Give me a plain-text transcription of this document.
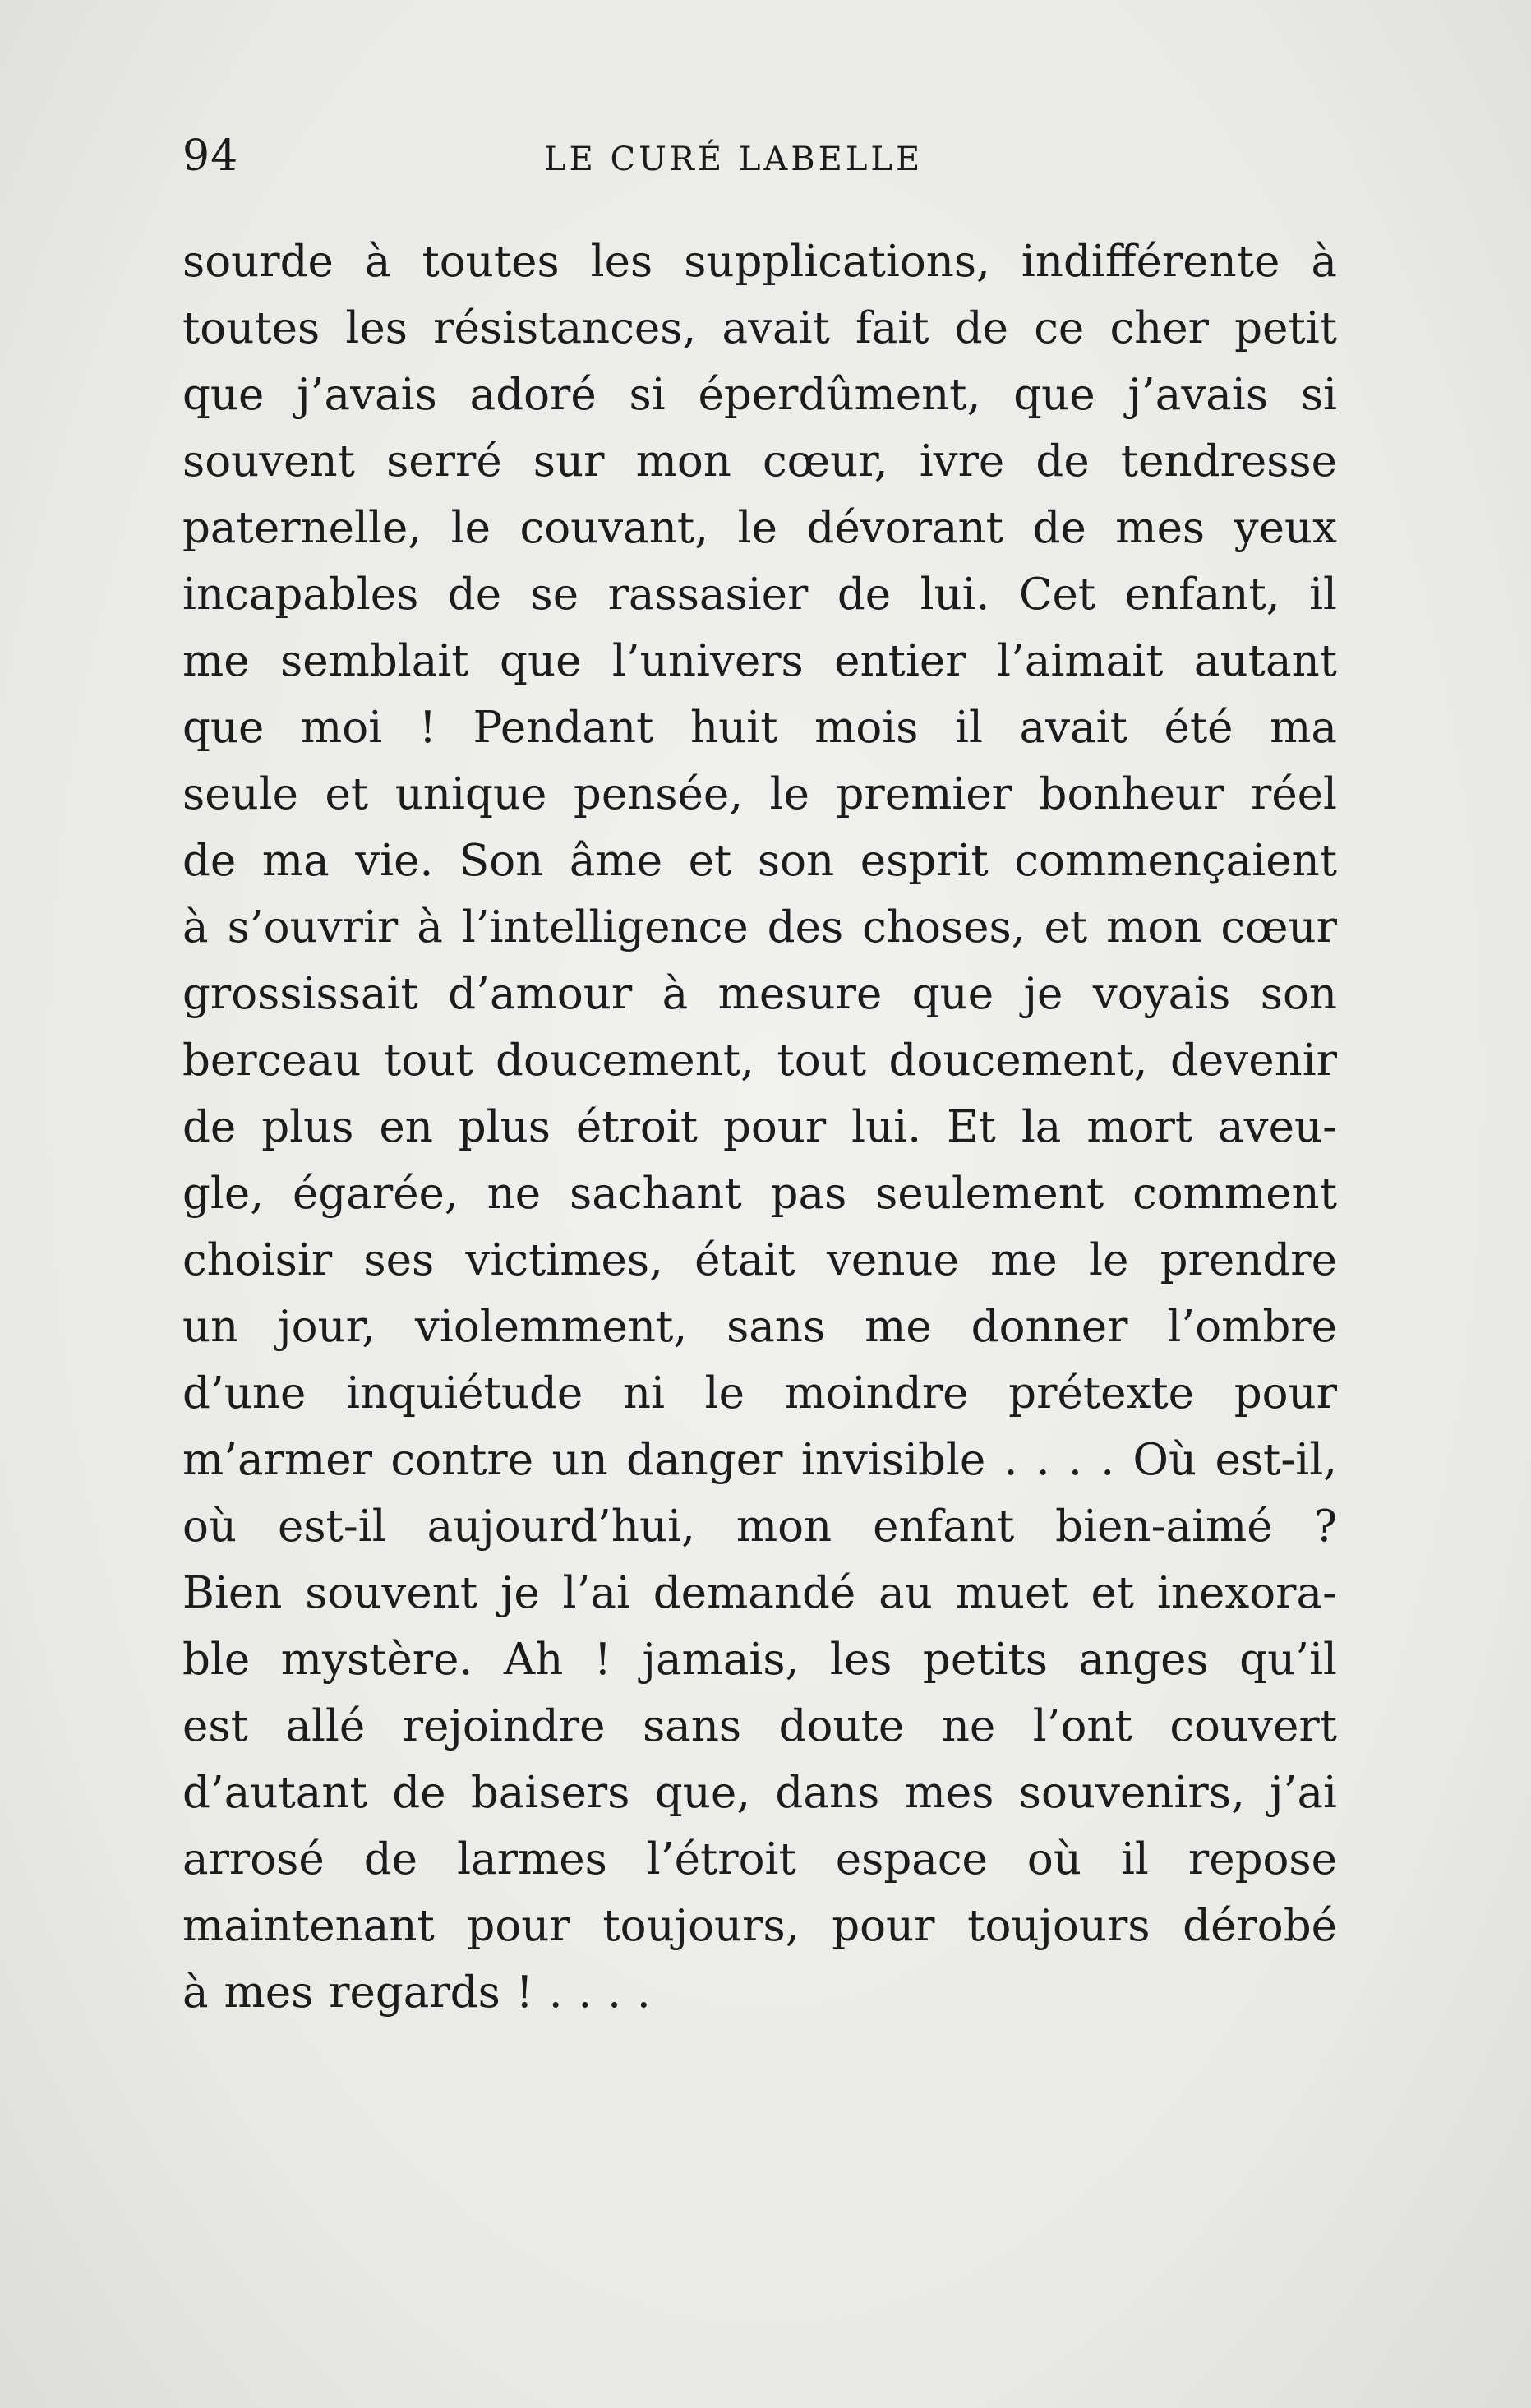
94	LE CURÉ LABELLE
sourde à toutes les supplications, indifférente à
toutes les résistances, avait fait de ce cher petit
que j’avais adoré si éperdûment, que j’avais si
souvent serré sur mon cœur, ivre de tendresse
paternelle, le couvant, le dévorant de mes yeux
incapables de se rassasier de lui. Cet enfant, il
me semblait que l’univers entier l’aimait autant
que moi ! Pendant huit mois il avait été ma
seule et unique pensée, le premier bonheur réel
de ma vie. Son âme et son esprit commençaient
à s’ouvrir à l’intelligence des choses, et mon cœur
grossissait d’amour à mesure que je voyais son
berceau tout doucement, tout doucement, devenir
de plus en plus étroit pour lui. Et la mort aveu-
gle, égarée, ne sachant pas seulement comment
choisir ses victimes, était venue me le prendre
un jour, violemment, sans me donner l’ombre
d’une inquiétude ni le moindre prétexte pour
m’armer contre un danger invisible . . . . Où est-il,
où est-il aujourd’hui, mon enfant bien-aimé ?
Bien souvent je l’ai demandé au muet et inexora-
ble mystère. Ah ! jamais, les petits anges qu’il
est allé rejoindre sans doute ne l’ont couvert
d’autant de baisers que, dans mes souvenirs, j’ai
arrosé de larmes l’étroit espace où il repose
maintenant pour toujours, pour toujours dérobé
à mes regards ! . . . .
